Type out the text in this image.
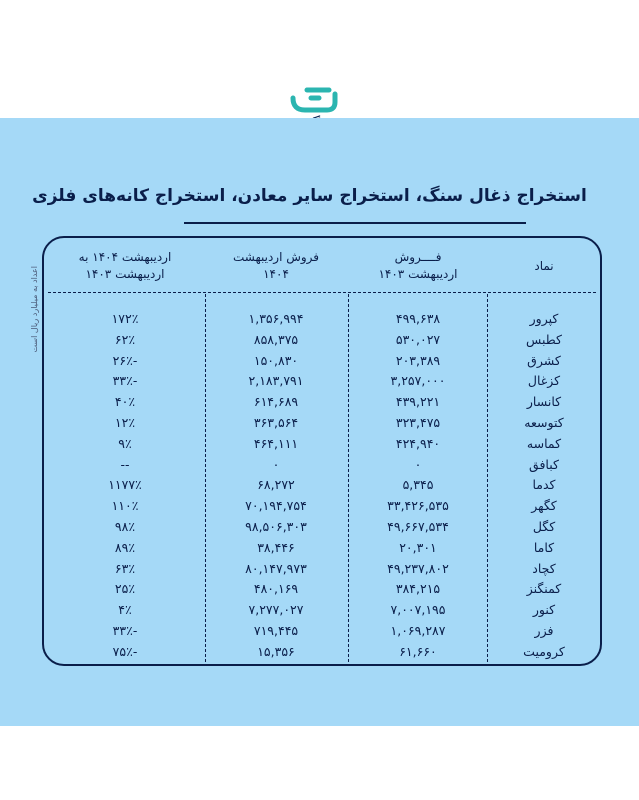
استخراج ذغال سنگ، استخراج سایر معادن، استخراج کانه‌های فلزی
اعداد به میلیارد ریال است
نماد
فــــروش
اردیبهشت ۱۴۰۳
فروش اردیبهشت
۱۴۰۴
اردیبهشت ۱۴۰۴ به
اردیبهشت ۱۴۰۳
کپرور
۴۹۹,۶۳۸
۱,۳۵۶,۹۹۴
۱۷۲٪
کطبس
۵۳۰,۰۲۷
۸۵۸,۳۷۵
۶۲٪
کشرق
۲۰۳,۳۸۹
۱۵۰,۸۳۰
-۲۶٪
کزغال
۳,۲۵۷,۰۰۰
۲,۱۸۳,۷۹۱
-۳۳٪
کانسار
۴۳۹,۲۲۱
۶۱۴,۶۸۹
۴۰٪
کتوسعه
۳۲۳,۴۷۵
۳۶۳,۵۶۴
۱۲٪
کماسه
۴۲۴,۹۴۰
۴۶۴,۱۱۱
۹٪
کبافق
۰
۰
--
کدما
۵,۳۴۵
۶۸,۲۷۲
۱۱۷۷٪
کگهر
۳۳,۴۲۶,۵۳۵
۷۰,۱۹۴,۷۵۴
۱۱۰٪
کگل
۴۹,۶۶۷,۵۳۴
۹۸,۵۰۶,۳۰۳
۹۸٪
کاما
۲۰,۳۰۱
۳۸,۴۴۶
۸۹٪
کچاد
۴۹,۲۳۷,۸۰۲
۸۰,۱۴۷,۹۷۳
۶۳٪
کمنگنز
۳۸۴,۲۱۵
۴۸۰,۱۶۹
۲۵٪
کنور
۷,۰۰۷,۱۹۵
۷,۲۷۷,۰۲۷
۴٪
فزر
۱,۰۶۹,۲۸۷
۷۱۹,۴۴۵
-۳۳٪
کرومیت
۶۱,۶۶۰
۱۵,۳۵۶
-۷۵٪
